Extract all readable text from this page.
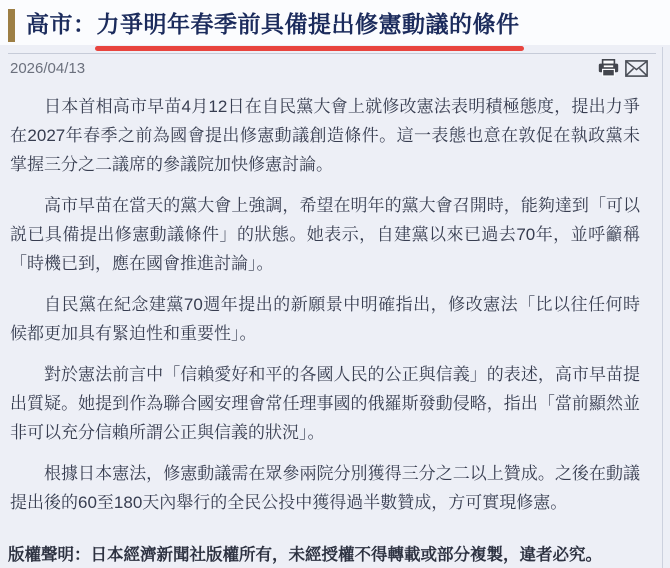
高市：力爭明年春季前具備提出修憲動議的條件
2026/04/13

日本首相高市早苗4月12日在自民黨大會上就修改憲法表明積極態度，提出力爭在2027年春季之前為國會提出修憲動議創造條件。這一表態也意在敦促在執政黨未掌握三分之二議席的參議院加快修憲討論。

高市早苗在當天的黨大會上強調，希望在明年的黨大會召開時，能夠達到「可以説已具備提出修憲動議條件」的狀態。她表示，自建黨以來已過去70年，並呼籲稱「時機已到，應在國會推進討論」。

自民黨在紀念建黨70週年提出的新願景中明確指出，修改憲法「比以往任何時候都更加具有緊迫性和重要性」。

對於憲法前言中「信賴愛好和平的各國人民的公正與信義」的表述，高市早苗提出質疑。她提到作為聯合國安理會常任理事國的俄羅斯發動侵略，指出「當前顯然並非可以充分信賴所謂公正與信義的狀況」。

根據日本憲法，修憲動議需在眾參兩院分別獲得三分之二以上贊成。之後在動議提出後的60至180天內舉行的全民公投中獲得過半數贊成，方可實現修憲。

版權聲明：日本經濟新聞社版權所有，未經授權不得轉載或部分複製，違者必究。
